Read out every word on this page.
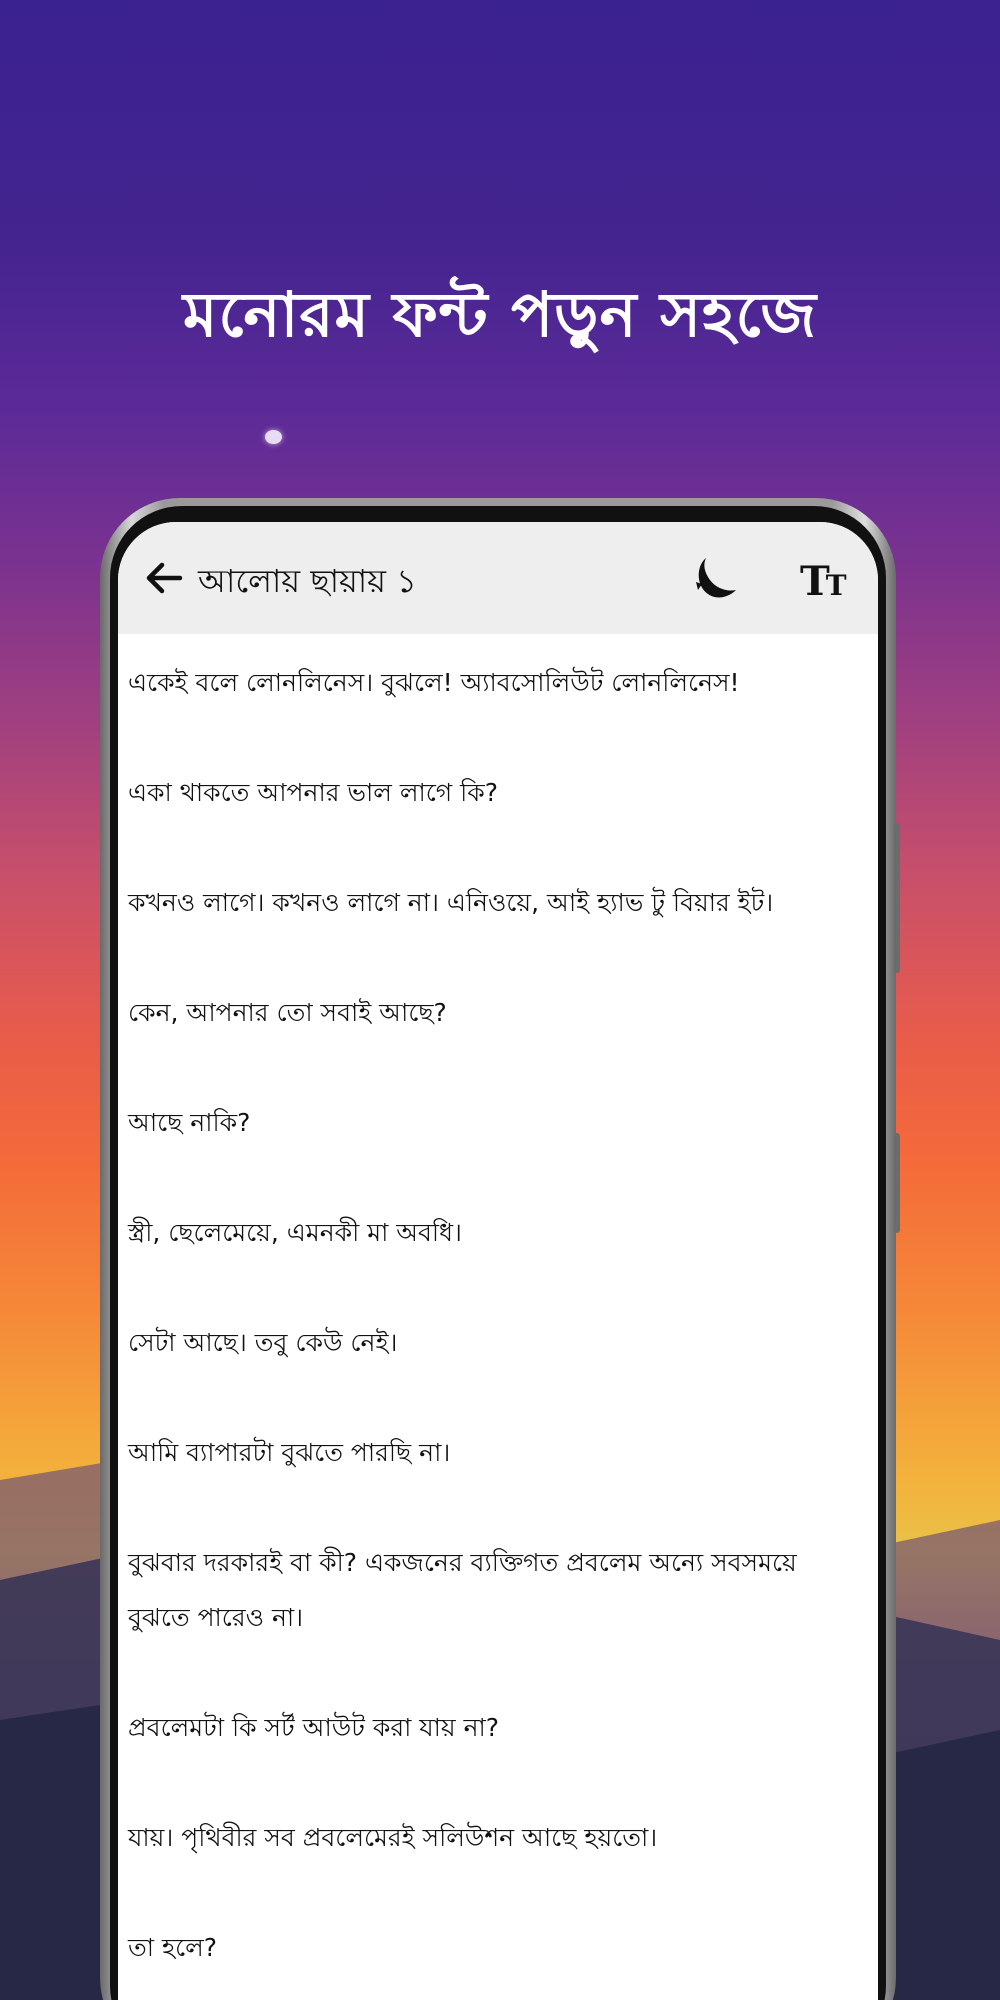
মনোরম ফন্ট পড়ুন সহজে
আলোয় ছায়ায় ১	TT

একেই বলে লোনলিনেস। বুঝলে! অ্যাবসোলিউট লোনলিনেস!

একা থাকতে আপনার ভাল লাগে কি?

কখনও লাগে। কখনও লাগে না। এনিওয়ে, আই হ্যাভ টু বিয়ার ইট।

কেন, আপনার তো সবাই আছে?

আছে নাকি?

স্ত্রী, ছেলেমেয়ে, এমনকী মা অবধি।

সেটা আছে। তবু কেউ নেই।

আমি ব্যাপারটা বুঝতে পারছি না।

বুঝবার দরকারই বা কী? একজনের ব্যক্তিগত প্রবলেম অন্যে সবসময়ে বুঝতে পারেও না।

প্রবলেমটা কি সর্ট আউট করা যায় না?

যায়। পৃথিবীর সব প্রবলেমেরই সলিউশন আছে হয়তো।

তা হলে?
